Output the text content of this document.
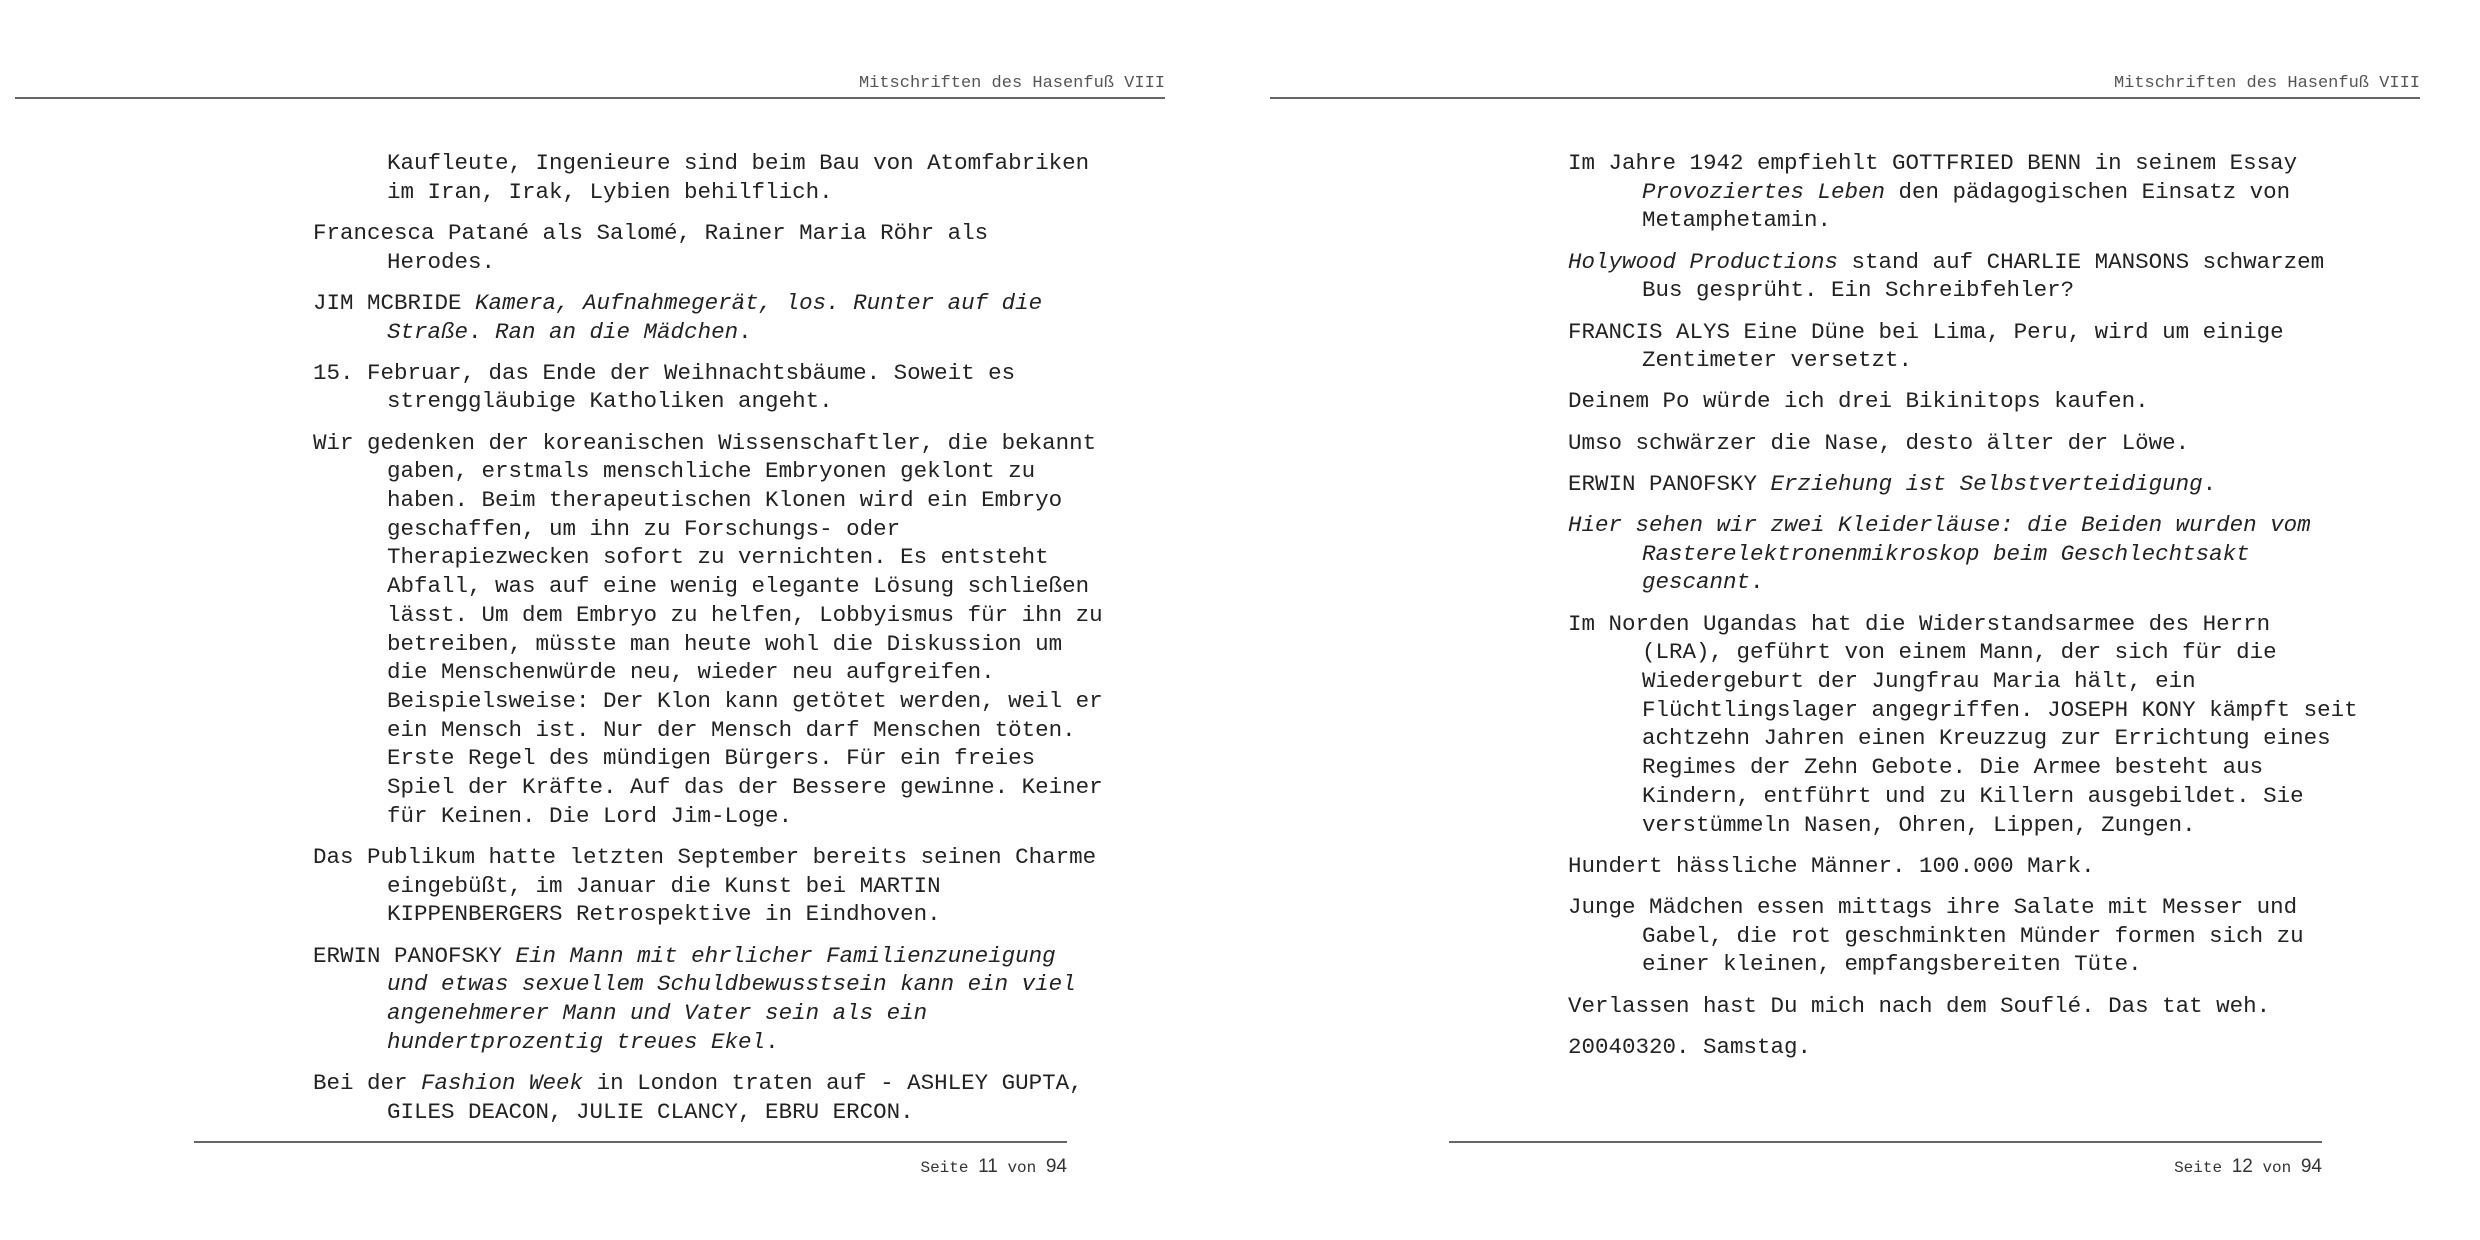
Mitschriften des Hasenfuß VIII

Kaufleute, Ingenieure sind beim Bau von Atomfabriken im Iran, Irak, Lybien behilflich.

Francesca Patané als Salomé, Rainer Maria Röhr als Herodes.

JIM MCBRIDE Kamera, Aufnahmegerät, los. Runter auf die Straße. Ran an die Mädchen.

15. Februar, das Ende der Weihnachtsbäume. Soweit es strenggläubige Katholiken angeht.

Wir gedenken der koreanischen Wissenschaftler, die bekannt gaben, erstmals menschliche Embryonen geklont zu haben. Beim therapeutischen Klonen wird ein Embryo geschaffen, um ihn zu Forschungs- oder Therapiezwecken sofort zu vernichten. Es entsteht Abfall, was auf eine wenig elegante Lösung schließen lässt. Um dem Embryo zu helfen, Lobbyismus für ihn zu betreiben, müsste man heute wohl die Diskussion um die Menschenwürde neu, wieder neu aufgreifen. Beispielsweise: Der Klon kann getötet werden, weil er ein Mensch ist. Nur der Mensch darf Menschen töten. Erste Regel des mündigen Bürgers. Für ein freies Spiel der Kräfte. Auf das der Bessere gewinne. Keiner für Keinen. Die Lord Jim-Loge.

Das Publikum hatte letzten September bereits seinen Charme eingebüßt, im Januar die Kunst bei MARTIN KIPPENBERGERS Retrospektive in Eindhoven.

ERWIN PANOFSKY Ein Mann mit ehrlicher Familienzuneigung und etwas sexuellem Schuldbewusstsein kann ein viel angenehmerer Mann und Vater sein als ein hundertprozentig treues Ekel.

Bei der Fashion Week in London traten auf - ASHLEY GUPTA, GILES DEACON, JULIE CLANCY, EBRU ERCON.

Seite 11 von 94
Mitschriften des Hasenfuß VIII

Im Jahre 1942 empfiehlt GOTTFRIED BENN in seinem Essay Provoziertes Leben den pädagogischen Einsatz von Metamphetamin.

Holywood Productions stand auf CHARLIE MANSONS schwarzem Bus gesprüht. Ein Schreibfehler?

FRANCIS ALYS Eine Düne bei Lima, Peru, wird um einige Zentimeter versetzt.

Deinem Po würde ich drei Bikinitops kaufen.

Umso schwärzer die Nase, desto älter der Löwe.

ERWIN PANOFSKY Erziehung ist Selbstverteidigung.

Hier sehen wir zwei Kleiderläuse: die Beiden wurden vom Rasterelektronenmikroskop beim Geschlechtsakt gescannt.

Im Norden Ugandas hat die Widerstandsarmee des Herrn (LRA), geführt von einem Mann, der sich für die Wiedergeburt der Jungfrau Maria hält, ein Flüchtlingslager angegriffen. JOSEPH KONY kämpft seit achtzehn Jahren einen Kreuzzug zur Errichtung eines Regimes der Zehn Gebote. Die Armee besteht aus Kindern, entführt und zu Killern ausgebildet. Sie verstümmeln Nasen, Ohren, Lippen, Zungen.

Hundert hässliche Männer. 100.000 Mark.

Junge Mädchen essen mittags ihre Salate mit Messer und Gabel, die rot geschminkten Münder formen sich zu einer kleinen, empfangsbereiten Tüte.

Verlassen hast Du mich nach dem Souflé. Das tat weh.

20040320. Samstag.

Seite 12 von 94
